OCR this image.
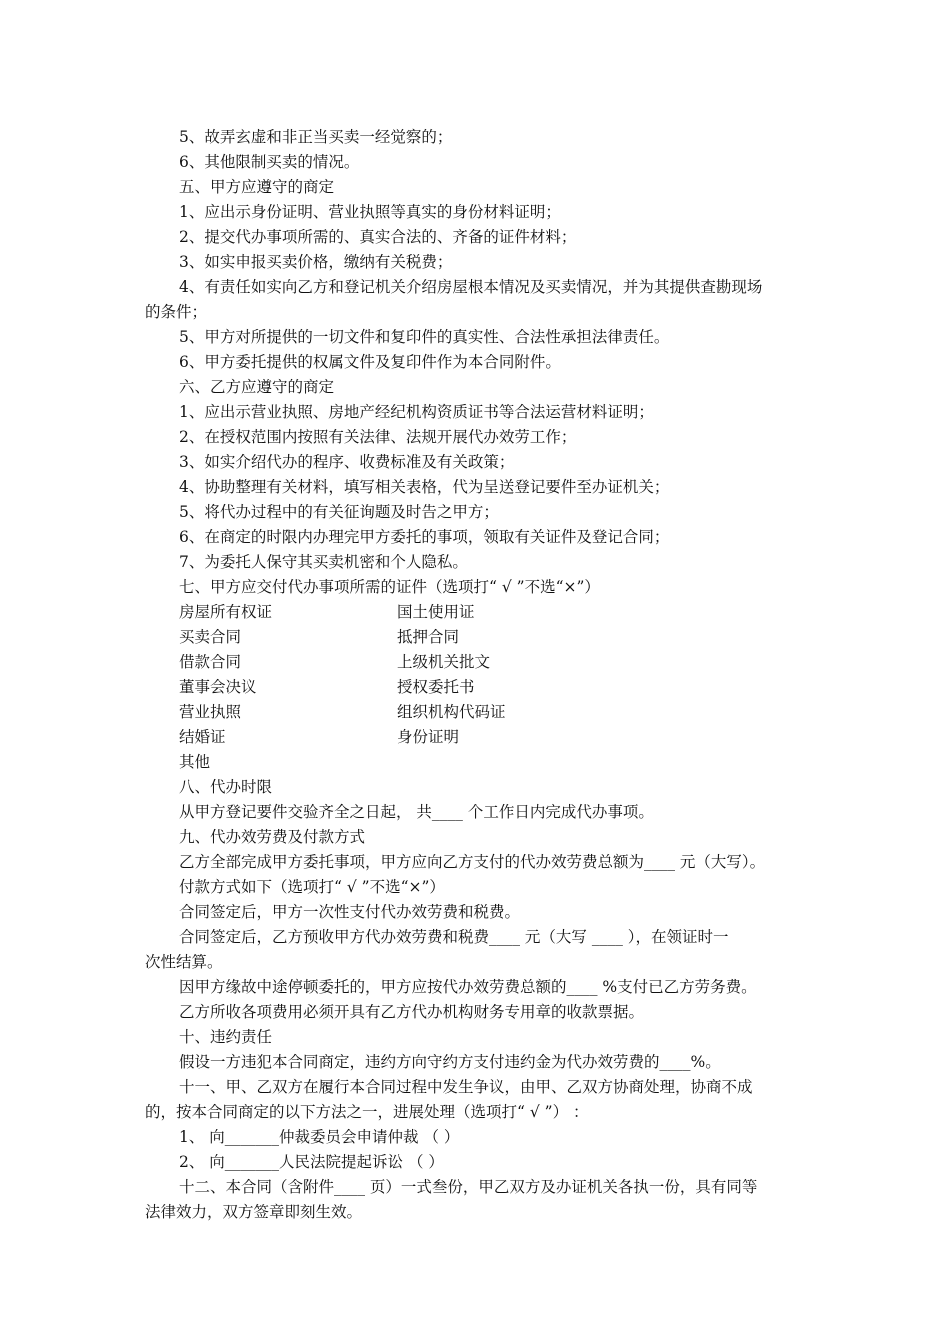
5、故弄玄虚和非正当买卖一经觉察的；
6、其他限制买卖的情况。
五、甲方应遵守的商定
1、应出示身份证明、营业执照等真实的身份材料证明；
2、提交代办事项所需的、真实合法的、齐备的证件材料；
3、如实申报买卖价格，缴纳有关税费；
4、有责任如实向乙方和登记机关介绍房屋根本情况及买卖情况，并为其提供查勘现场
的条件；
5、甲方对所提供的一切文件和复印件的真实性、合法性承担法律责任。
6、甲方委托提供的权属文件及复印件作为本合同附件。
六、乙方应遵守的商定
1、应出示营业执照、房地产经纪机构资质证书等合法运营材料证明；
2、在授权范围内按照有关法律、法规开展代办效劳工作；
3、如实介绍代办的程序、收费标准及有关政策；
4、协助整理有关材料，填写相关表格，代为呈送登记要件至办证机关；
5、将代办过程中的有关征询题及时告之甲方；
6、在商定的时限内办理完甲方委托的事项，领取有关证件及登记合同；
7、为委托人保守其买卖机密和个人隐私。
七、甲方应交付代办事项所需的证件（选项打“ √ ”不选“×”）
房屋所有权证	国土使用证
买卖合同	抵押合同
借款合同	上级机关批文
董事会决议	授权委托书
营业执照	组织机构代码证
结婚证	身份证明
其他
八、代办时限
从甲方登记要件交验齐全之日起， 共____ 个工作日内完成代办事项。
九、代办效劳费及付款方式
乙方全部完成甲方委托事项，甲方应向乙方支付的代办效劳费总额为____ 元（大写）。
付款方式如下（选项打“ √ ”不选“×”）
合同签定后，甲方一次性支付代办效劳费和税费。
合同签定后，乙方预收甲方代办效劳费和税费____ 元（大写 ____ ），在领证时一
次性结算。
因甲方缘故中途停顿委托的，甲方应按代办效劳费总额的____ %支付已乙方劳务费。
乙方所收各项费用必须开具有乙方代办机构财务专用章的收款票据。
十、违约责任
假设一方违犯本合同商定，违约方向守约方支付违约金为代办效劳费的____%。
十一、甲、乙双方在履行本合同过程中发生争议，由甲、乙双方协商处理，协商不成
的，按本合同商定的以下方法之一，进展处理（选项打“ √ ”） ：
1、 向_______仲裁委员会申请仲裁 （ ）
2、 向_______人民法院提起诉讼 （ ）
十二、本合同（含附件____ 页）一式叁份，甲乙双方及办证机关各执一份，具有同等
法律效力，双方签章即刻生效。
